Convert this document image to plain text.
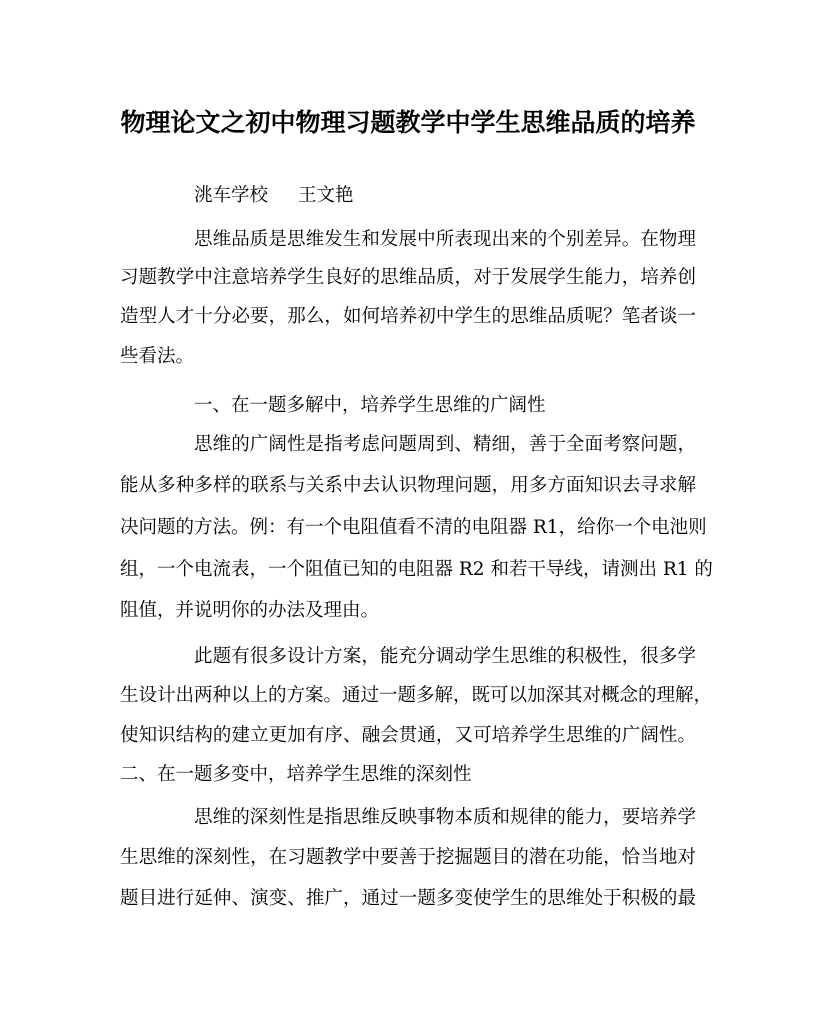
物理论文之初中物理习题教学中学生思维品质的培养
洮车学校 王文艳
思维品质是思维发生和发展中所表现出来的个别差异。在物理
习题教学中注意培养学生良好的思维品质，对于发展学生能力，培养创
造型人才十分必要，那么，如何培养初中学生的思维品质呢？笔者谈一
些看法。
一、在一题多解中，培养学生思维的广阔性
思维的广阔性是指考虑问题周到、精细，善于全面考察问题，
能从多种多样的联系与关系中去认识物理问题，用多方面知识去寻求解
决问题的方法。例：有一个电阻值看不清的电阻器 R1，给你一个电池则
组，一个电流表，一个阻值已知的电阻器 R2 和若干导线，请测出 R1 的
阻值，并说明你的办法及理由。
此题有很多设计方案，能充分调动学生思维的积极性，很多学
生设计出两种以上的方案。通过一题多解，既可以加深其对概念的理解，
使知识结构的建立更加有序、融会贯通，又可培养学生思维的广阔性。
二、在一题多变中，培养学生思维的深刻性
思维的深刻性是指思维反映事物本质和规律的能力，要培养学
生思维的深刻性，在习题教学中要善于挖掘题目的潜在功能，恰当地对
题目进行延伸、演变、推广，通过一题多变使学生的思维处于积极的最
